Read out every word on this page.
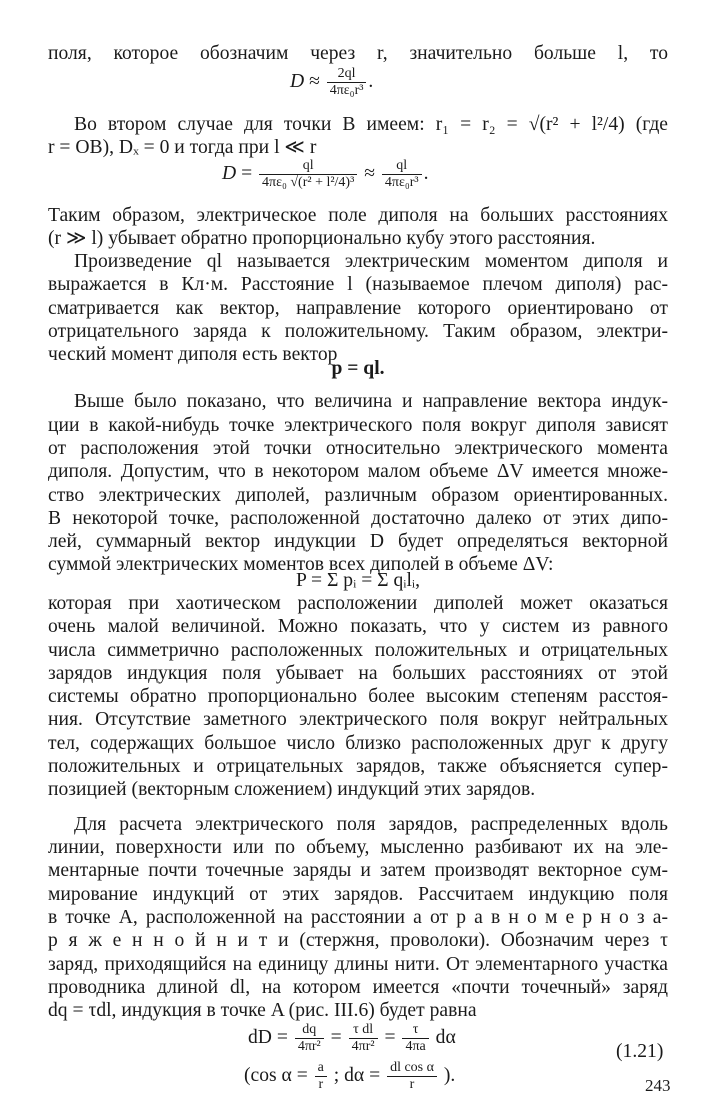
поля, которое обозначим через r, значительно больше l, то
$D \approx \frac{2ql}{\text{4πε₀r³}}$ .
Во втором случае для точки B имеем: r₁ = r₂ = √(r² + l²/4) (где
r = OB), Dₓ = 0 и тогда при l ≪ r
$D = \frac{ql}{\text{4πε₀ √(r² + l²/4)³}} \approx \frac{ql}{\text{4πε₀r³}}$ .
Таким образом, электрическое поле диполя на больших расстояниях
(r ≫ l) убывает обратно пропорционально кубу этого расстояния.
Произведение ql называется электрическим моментом диполя и
выражается в Кл·м. Расстояние l (называемое плечом диполя) рас-
сматривается как вектор, направление которого ориентировано от
отрицательного заряда к положительному. Таким образом, электри-
ческий момент диполя есть вектор
p = ql.
Выше было показано, что величина и направление вектора индук-
ции в какой-нибудь точке электрического поля вокруг диполя зависят
от расположения этой точки относительно электрического момента
диполя. Допустим, что в некотором малом объеме ΔV имеется множе-
ство электрических диполей, различным образом ориентированных.
В некоторой точке, расположенной достаточно далеко от этих дипо-
лей, суммарный вектор индукции D будет определяться векторной
суммой электрических моментов всех диполей в объеме ΔV:
P = Σ pᵢ = Σ qᵢlᵢ,
которая при хаотическом расположении диполей может оказаться
очень малой величиной. Можно показать, что у систем из равного
числа симметрично расположенных положительных и отрицательных
зарядов индукция поля убывает на больших расстояниях от этой
системы обратно пропорционально более высоким степеням расстоя-
ния. Отсутствие заметного электрического поля вокруг нейтральных
тел, содержащих большое число близко расположенных друг к другу
положительных и отрицательных зарядов, также объясняется супер-
позицией (векторным сложением) индукций этих зарядов.
Для расчета электрического поля зарядов, распределенных вдоль
линии, поверхности или по объему, мысленно разбивают их на эле-
ментарные почти точечные заряды и затем производят векторное сум-
мирование индукций от этих зарядов. Рассчитаем индукцию поля
в точке A, расположенной на расстоянии a от р а в н о м е р н о з а-
р я ж е н н о й н и т и (стержня, проволоки). Обозначим через τ
заряд, приходящийся на единицу длины нити. От элементарного участка
проводника длиной dl, на котором имеется «почти точечный» заряд
dq = τdl, индукция в точке A (рис. III.6) будет равна
dD = $\frac{dq}{\text{4πr²}} = \frac{\text{τ dl}}{\text{4πr²}} = \frac{\tau}{4\pi a}$ dα
(1.21)
(cos $\alpha = \frac{a}{r}$ ; $d\alpha = \frac{\text{dl cos α}}{r}$ ).	243
